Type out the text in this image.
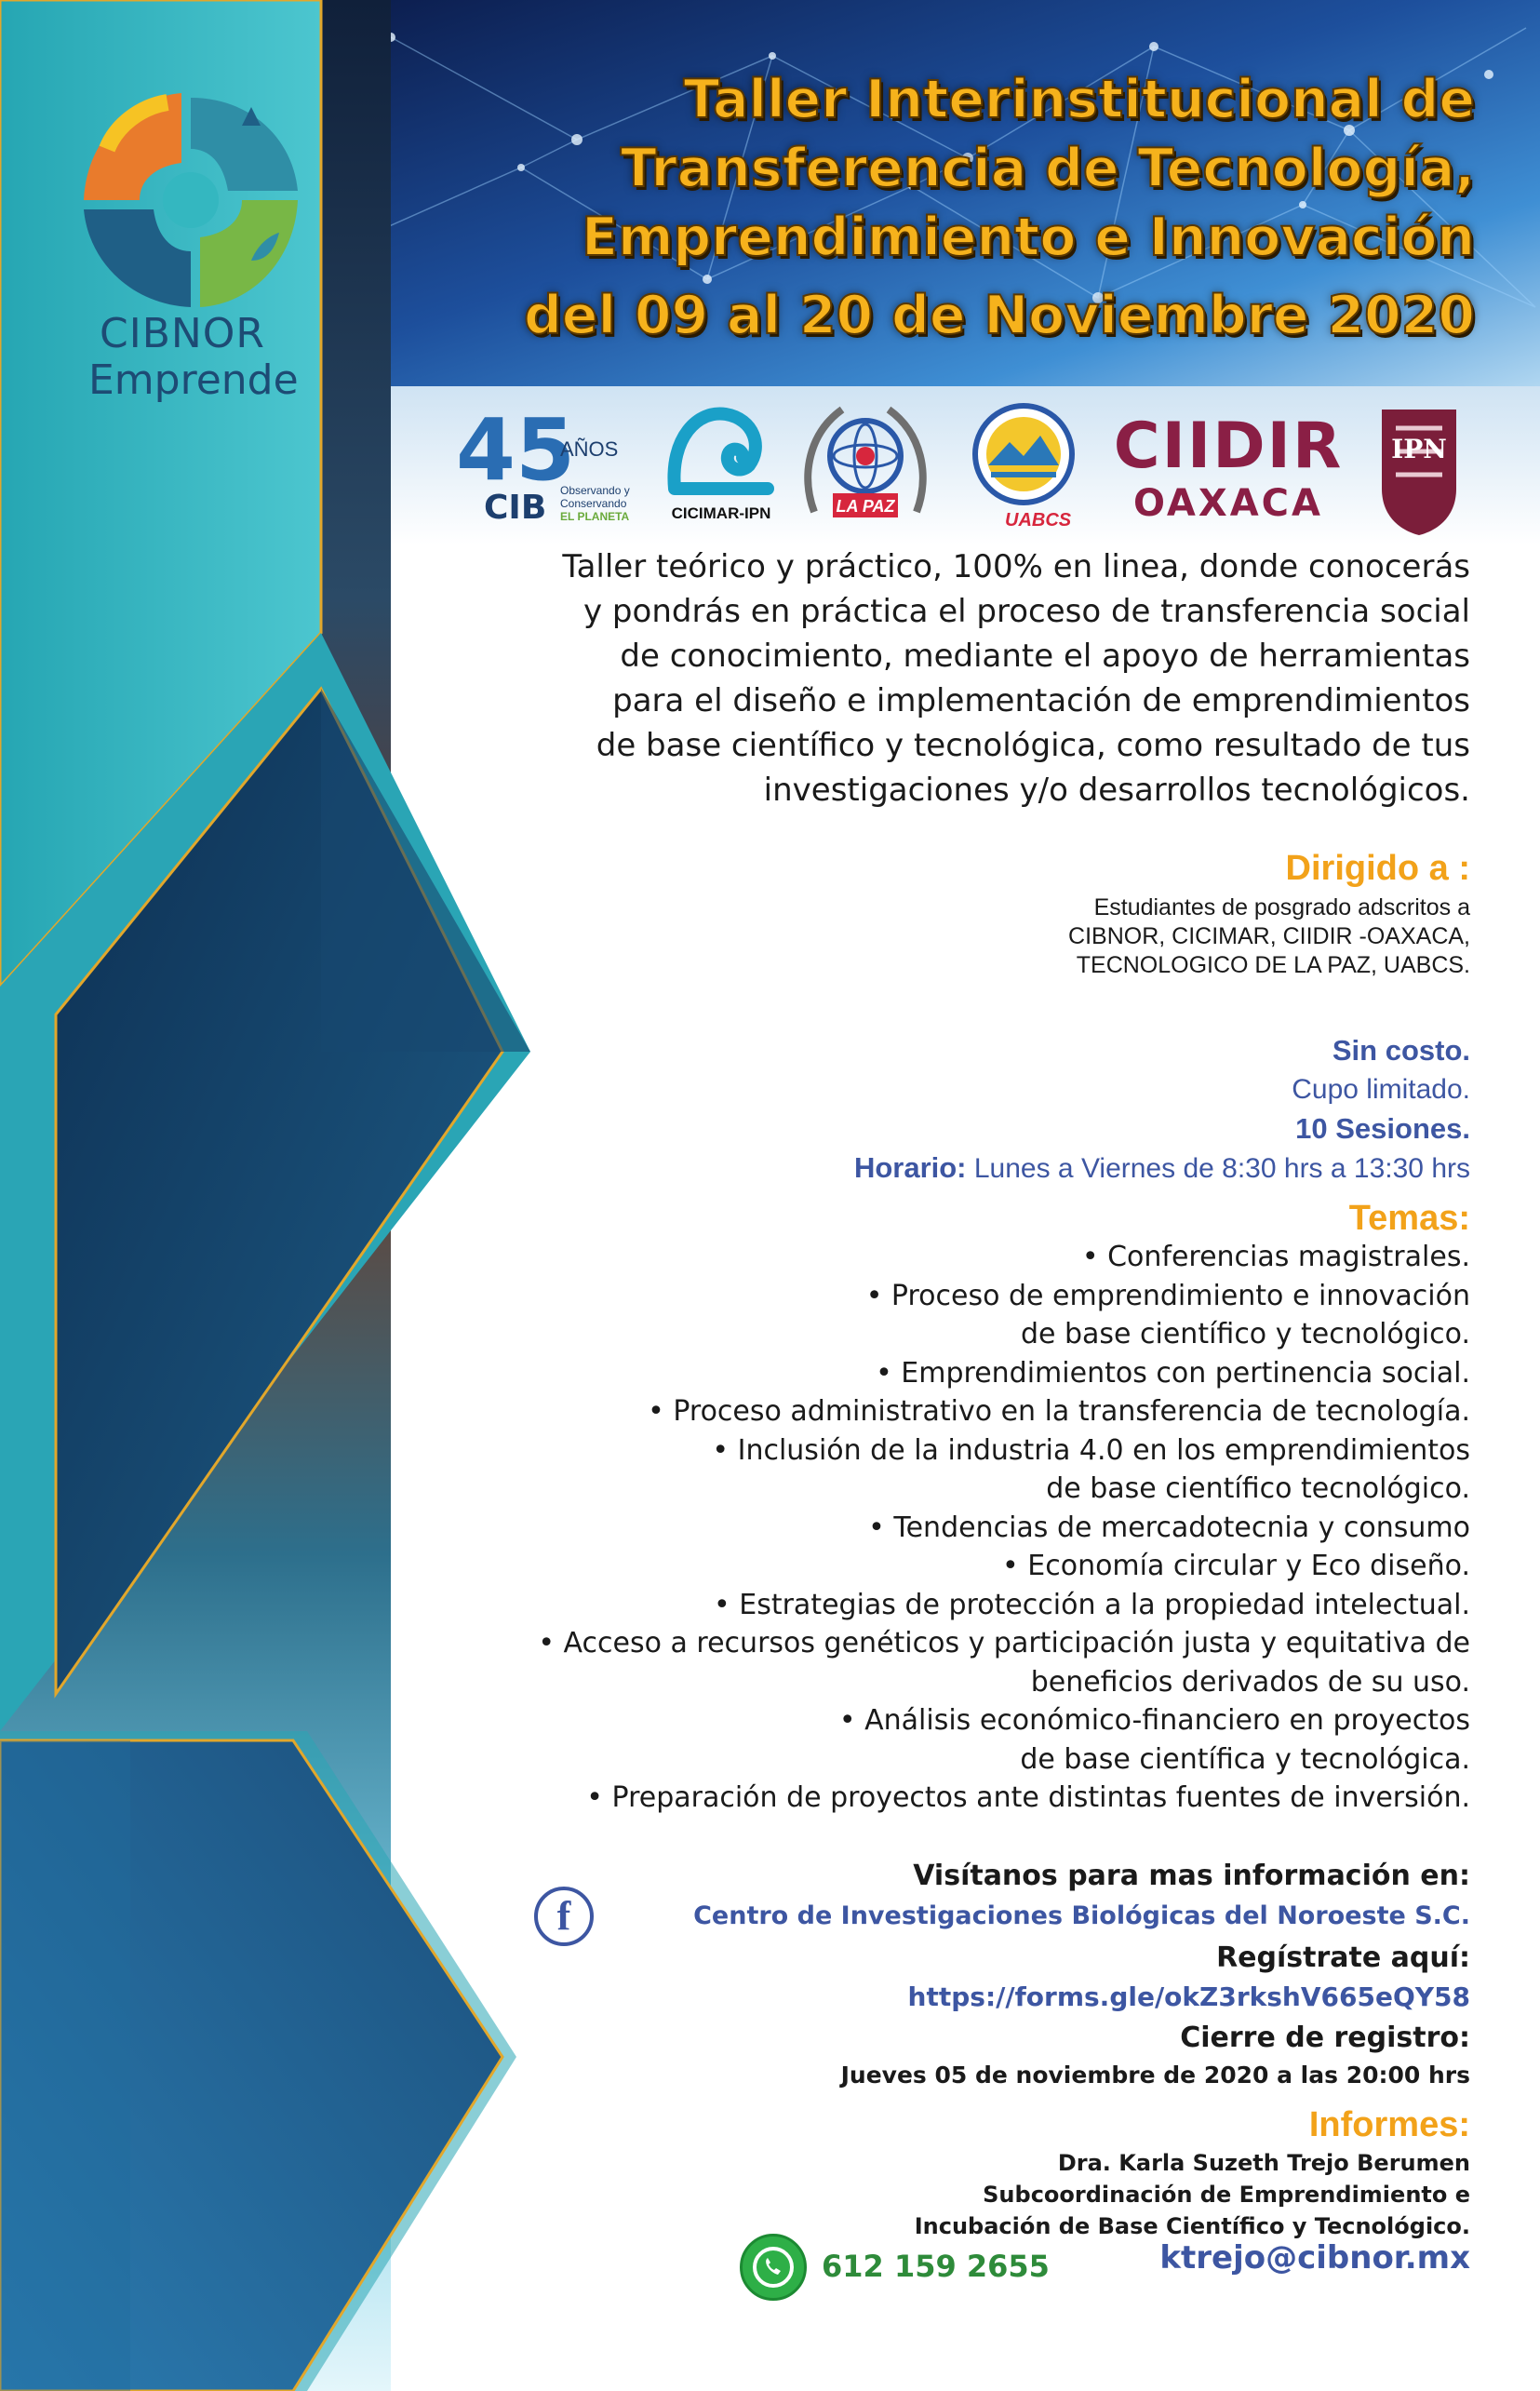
CIBNOR
Emprende
Taller Interinstitucional de
Transferencia de Tecnología,
Emprendimiento e Innovación
del 09 al 20 de Noviembre 2020
45
AÑOS
CIB Observando y
Conservando
EL PLANETA	CICIMAR-IPN	LA PAZ
UABCS
CIIDIR
OAXACA
IPN
Taller teórico y práctico, 100% en linea, donde conocerás
y pondrás en práctica el proceso de transferencia social
de conocimiento, mediante el apoyo de herramientas
para el diseño e implementación de emprendimientos
de base científico y tecnológica, como resultado de tus
investigaciones y/o desarrollos tecnológicos.
Dirigido a :
Estudiantes de posgrado adscritos a
CIBNOR, CICIMAR, CIIDIR -OAXACA,
TECNOLOGICO DE LA PAZ, UABCS.
Sin costo.
Cupo limitado.
10 Sesiones.
Horario: Lunes a Viernes de 8:30 hrs a 13:30 hrs
Temas:
• Conferencias magistrales.
• Proceso de emprendimiento e innovación
de base científico y tecnológico.
• Emprendimientos con pertinencia social.
• Proceso administrativo en la transferencia de tecnología.
• Inclusión de la industria 4.0 en los emprendimientos
de base científico tecnológico.
• Tendencias de mercadotecnia y consumo
• Economía circular y Eco diseño.
• Estrategias de protección a la propiedad intelectual.
• Acceso a recursos genéticos y participación justa y equitativa de
beneficios derivados de su uso.
• Análisis económico-financiero en proyectos
de base científica y tecnológica.
• Preparación de proyectos ante distintas fuentes de inversión.
Visítanos para mas información en:
Centro de Investigaciones Biológicas del Noroeste S.C.
Regístrate aquí:
https://forms.gle/okZ3rkshV665eQY58
Cierre de registro:
Jueves 05 de noviembre de 2020 a las 20:00 hrs
Informes:
Dra. Karla Suzeth Trejo Berumen
Subcoordinación de Emprendimiento e
Incubación de Base Científico y Tecnológico.
f
612 159 2655	ktrejo@cibnor.mx
